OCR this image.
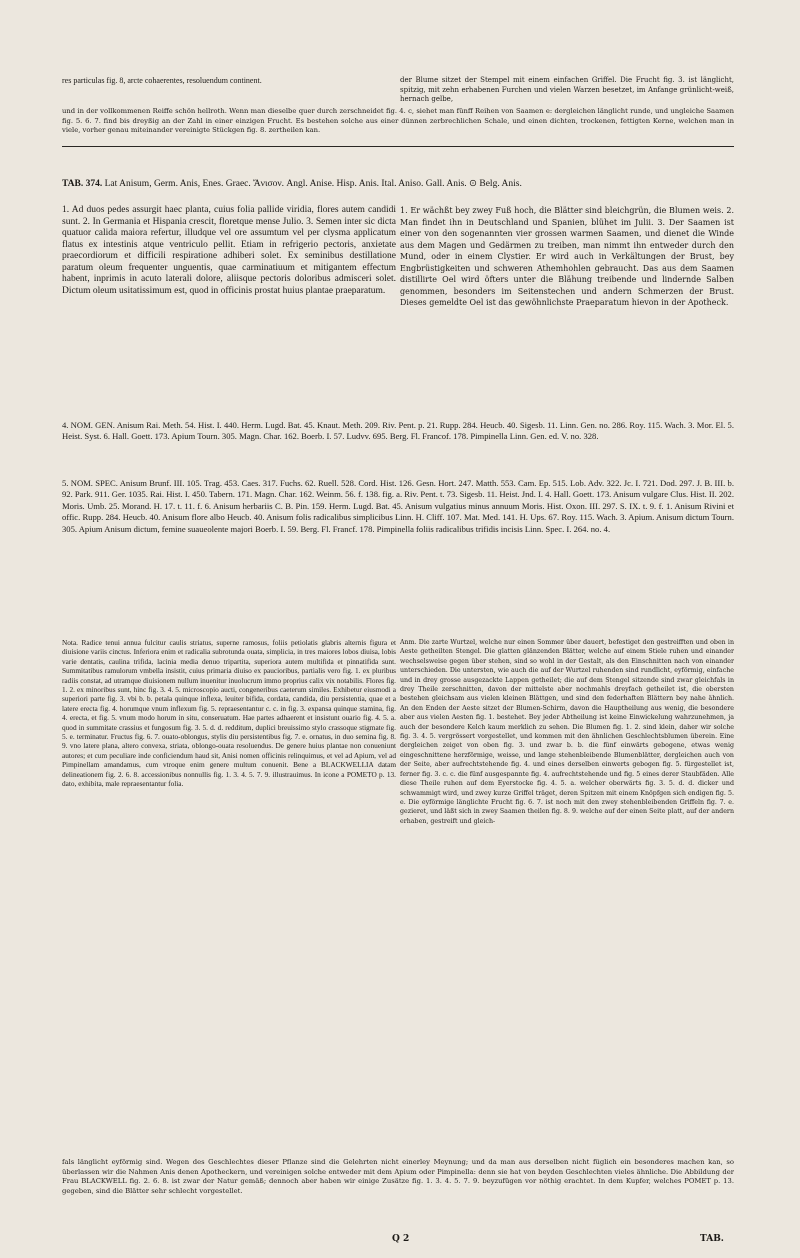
res particulas fig. 8, arcte cohaerentes, resoluendum continent.	der Blume sitzet der Stempel mit einem einfachen Griffel. Die Frucht fig. 3. ist länglicht, spitzig, mit zehn erhabenen Furchen und vielen Warzen besetzet, im Anfange grünlicht-weiß, hernach gelbe,

und in der vollkommenen Reiffe schön hellroth. Wenn man dieselbe quer durch zerschneidet fig. 4. c, siehet man fünff Reihen von Saamen e: dergleichen länglicht runde, und ungleiche Saamen fig. 5. 6. 7. find bis dreyßig an der Zahl in einer einzigen Frucht. Es bestehen solche aus einer dünnen zerbrechlichen Schale, und einen dichten, trockenen, fettigten Kerne, welchen man in viele, vorher genau miteinander vereinigte Stückgen fig. 8. zertheilen kan.

TAB. 374. Lat Anisum, Germ. Anis, Enes. Graec. Ἄνισον. Angl. Anise. Hisp. Anis. Ital. Aniso. Gall. Anis. ⊙ Belg. Anis.

1. Ad duos pedes assurgit haec planta, cuius folia pallide viridia, flores autem candidi sunt. 2. In Germania et Hispania crescit, floretque mense Julio. 3. Semen inter sic dicta quatuor calida maiora refertur, illudque vel ore assumtum vel per clysma applicatum flatus ex intestinis atque ventriculo pellit. Etiam in refrigerio pectoris, anxietate praecordiorum et difficili respiratione adhiberi solet. Ex seminibus destillatione paratum oleum frequenter unguentis, quae carminatiuum et mitigantem effectum habent, inprimis in acuto laterali dolore, aliisque pectoris doloribus admisceri solet. Dictum oleum usitatissimum est, quod in officinis prostat huius plantae praeparatum.

1. Er wächßt bey zwey Fuß hoch, die Blätter sind bleichgrün, die Blumen weis. 2. Man findet ihn in Deutschland und Spanien, blühet im Julii. 3. Der Saamen ist einer von den sogenannten vier grossen warmen Saamen, und dienet die Winde aus dem Magen und Gedärmen zu treiben, man nimmt ihn entweder durch den Mund, oder in einem Clystier. Er wird auch in Verkältungen der Brust, bey Engbrüstigkeiten und schweren Athemhohlen gebraucht. Das aus dem Saamen distillirte Oel wird öfters unter die Blähung treibende und lindernde Salben genommen, besonders im Seitenstechen und andern Schmerzen der Brust. Dieses gemeldte Oel ist das gewöhnlichste Praeparatum hievon in der Apotheck.

4. NOM. GEN. Anisum Rai. Meth. 54. Hist. I. 440. Herm. Lugd. Bat. 45. Knaut. Meth. 209. Riv. Pent. p. 21. Rupp. 284. Heucb. 40. Sigesb. 11. Linn. Gen. no. 286. Roy. 115. Wach. 3. Mor. El. 5. Heist. Syst. 6. Hall. Goett. 173. Apium Tourn. 305. Magn. Char. 162. Boerb. I. 57. Ludvv. 695. Berg. Fl. Francof. 178. Pimpinella Linn. Gen. ed. V. no. 328.

5. NOM. SPEC. Anisum Brunf. III. 105. Trag. 453. Caes. 317. Fuchs. 62. Ruell. 528. Cord. Hist. 126. Gesn. Hort. 247. Matth. 553. Cam. Ep. 515. Lob. Adv. 322. Jc. I. 721. Dod. 297. J. B. III. b. 92. Park. 911. Ger. 1035. Rai. Hist. I. 450. Tabern. 171. Magn. Char. 162. Weinm. 56. f. 138. fig. a. Riv. Pent. t. 73. Sigesb. 11. Heist. Jnd. I. 4. Hall. Goett. 173. Anisum vulgare Clus. Hist. II. 202. Moris. Umb. 25. Morand. H. 17. t. 11. f. 6. Anisum herbariis C. B. Pin. 159. Herm. Lugd. Bat. 45. Anisum vulgatius minus annuum Moris. Hist. Oxon. III. 297. S. IX. t. 9. f. 1. Anisum Rivini et offic. Rupp. 284. Heucb. 40. Anisum flore albo Heucb. 40. Anisum folis radicalibus simplicibus Linn. H. Cliff. 107. Mat. Med. 141. H. Ups. 67. Roy. 115. Wach. 3. Apium. Anisum dictum Tourn. 305. Apium Anisum dictum, femine suaueolente majori Boerb. I. 59. Berg. Fl. Francf. 178. Pimpinella foliis radicalibus trifidis incisis Linn. Spec. I. 264. no. 4.

Nota. Radice tenui annua fulcitur caulis striatus, superne ramosus, foliis petiolatis glabris alternis figura et diuisione variis cinctus. Inferiora enim et radicalia subrotunda ouata, simplicia, in tres maiores lobos diuisa, lobis varie dentatis, caulina trifida, lacinia media denuo tripartita, superiora autem multifida et pinnatifida sunt. Summitatibus ramulorum vmbella insistit, cuius primaria diuiso ex paucioribus, partialis vero fig. 1. ex pluribus radiis constat, ad utramque diuisionem nullum inuenitur inuolucrum immo proprius calix vix notabilis. Flores fig. 1. 2. ex minoribus sunt, hinc fig. 3. 4. 5. microscopio aucti, congeneribus caeterum similes. Exhibetur eiusmodi a superiori parte fig. 3. vbi b. b. petala quinque inflexa, leuiter bifida, cordata, candida, diu persistentia, quae et a latere erecta fig. 4. horumque vnum inflexum fig. 5. repraesentantur c. c. in fig. 3. expansa quinque stamina, fig. 4. erecta, et fig. 5. vnum modo horum in situ, conseruatum. Hae partes adhaerent et insistunt ouario fig. 4. 5. a. quod in summitate crassius et fungosum fig. 3. 5. d. d. redditum, duplici breuissimo stylo crassoque stigmate fig. 5. e. terminatur. Fructus fig. 6. 7. ouato-oblongus, stylis diu persistentibus fig. 7. e. ornatus, in duo semina fig. 8. 9. vno latere plana, altero convexa, striata, oblongo-ouata resoluendus. De genere huius plantae non conueniunt autores; et cum peculiare inde conficiendum haud sit, Anisi nomen officinis relinquimus, et vel ad Apium, vel ad Pimpinellam amandamus, cum vtroque enim genere multum conuenit. Bene a BLACKWELLIA datam delineationem fig. 2. 6. 8. accessionibus nonnullis fig. 1. 3. 4. 5. 7. 9. illustrauimus. In icone a POMETO p. 13. dato, exhibita, male repraesentantur folia.

Anm. Die zarte Wurtzel, welche nur einen Sommer über dauert, befestiget den gestreifften und oben in Aeste getheilten Stengel. Die glatten glänzenden Blätter, welche auf einem Stiele ruhen und einander wechselsweise gegen über stehen, sind so wohl in der Gestalt, als den Einschnitten nach von einander unterschieden. Die untersten, wie auch die auf der Wurtzel ruhenden sind rundlicht, eyförmig, einfache und in drey grosse ausgezackte Lappen getheilet; die auf dem Stengel sitzende sind zwar gleichfals in drey Theile zerschnitten, davon der mittelste aber nochmahls dreyfach getheilet ist, die obersten bestehen gleichsam aus vielen kleinen Blättgen, und sind den federhaften Blättern bey nahe ähnlich. An den Enden der Aeste sitzet der Blumen-Schirm, davon die Hauptheilung aus wenig, die besondere aber aus vielen Aesten fig. 1. bestehet. Bey jeder Abtheilung ist keine Einwickelung wahrzunehmen, ja auch der besondere Kelch kaum merklich zu sehen. Die Blumen fig. 1. 2. sind klein, daher wir solche fig. 3. 4. 5. vergrössert vorgestellet, und kommen mit den ähnlichen Geschlechtsblumen überein. Eine dergleichen zeiget von oben fig. 3. und zwar b. b. die fünf einwärts gebogene, etwas wenig eingeschnittene herzförmige, weisse, und lange stehenbleibende Blumenblätter, dergleichen auch von der Seite, aber aufrechtstehende fig. 4. und eines derselben einwerts gebogen fig. 5. fürgestellet ist, ferner fig. 3. c. c. die fünf ausgespannte fig. 4. aufrechtstehende und fig. 5 eines derer Staubfäden. Alle diese Theile ruhen auf dem Eyerstocke fig. 4. 5. a. welcher oberwärts fig. 3. 5. d. d. dicker und schwammigt wird, und zwey kurze Griffel träget, deren Spitzen mit einem Knöpfgen sich endigen fig. 5. e. Die eyförmige länglichte Frucht fig. 6. 7. ist noch mit den zwey stehenbleibenden Griffeln fig. 7. e. gezieret, und läßt sich in zwey Saamen theilen fig. 8. 9. welche auf der einen Seite platt, auf der andern erhaben, gestreift und gleich-

fals länglicht eyförmig sind. Wegen des Geschlechtes dieser Pflanze sind die Gelehrten nicht einerley Meynung; und da man aus derselben nicht füglich ein besonderes machen kan, so überlassen wir die Nahmen Anis denen Apotheckern, und vereinigen solche entweder mit dem Apium oder Pimpinella: denn sie hat von beyden Geschlechten vieles ähnliche. Die Abbildung der Frau BLACKWELL fig. 2. 6. 8. ist zwar der Natur gemäß; dennoch aber haben wir einige Zusätze fig. 1. 3. 4. 5. 7. 9. beyzufügen vor nöthig erachtet. In dem Kupfer, welches POMET p. 13. gegeben, sind die Blätter sehr schlecht vorgestellet.

Q 2	TAB.
